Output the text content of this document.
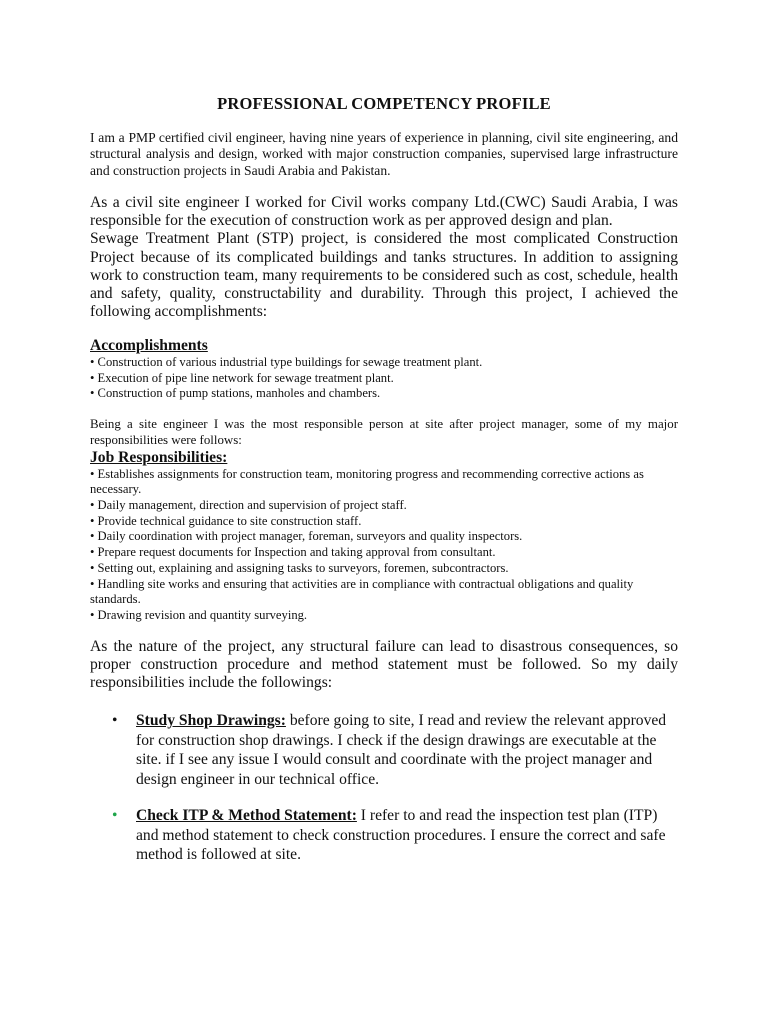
PROFESSIONAL COMPETENCY PROFILE

I am a PMP certified civil engineer, having nine years of experience in planning, civil site engineering, and structural analysis and design, worked with major construction companies, supervised large infrastructure and construction projects in Saudi Arabia and Pakistan.

As a civil site engineer I worked for Civil works company Ltd.(CWC) Saudi Arabia, I was responsible for the execution of construction work as per approved design and plan.

Sewage Treatment Plant (STP) project, is considered the most complicated Construction Project because of its complicated buildings and tanks structures. In addition to assigning work to construction team, many requirements to be considered such as cost, schedule, health and safety, quality, constructability and durability. Through this project, I achieved the following accomplishments:

Accomplishments
• Construction of various industrial type buildings for sewage treatment plant.
• Execution of pipe line network for sewage treatment plant.
• Construction of pump stations, manholes and chambers.

Being a site engineer I was the most responsible person at site after project manager, some of my major responsibilities were follows:

Job Responsibilities:
• Establishes assignments for construction team, monitoring progress and recommending corrective actions as necessary.
• Daily management, direction and supervision of project staff.
• Provide technical guidance to site construction staff.
• Daily coordination with project manager, foreman, surveyors and quality inspectors.
• Prepare request documents for Inspection and taking approval from consultant.
• Setting out, explaining and assigning tasks to surveyors, foremen, subcontractors.
• Handling site works and ensuring that activities are in compliance with contractual obligations and quality standards.
• Drawing revision and quantity surveying.

As the nature of the project, any structural failure can lead to disastrous consequences, so proper construction procedure and method statement must be followed. So my daily responsibilities include the followings:

• Study Shop Drawings: before going to site, I read and review the relevant approved for construction shop drawings. I check if the design drawings are executable at the site. if I see any issue I would consult and coordinate with the project manager and design engineer in our technical office.
• Check ITP & Method Statement: I refer to and read the inspection test plan (ITP) and method statement to check construction procedures. I ensure the correct and safe method is followed at site.
